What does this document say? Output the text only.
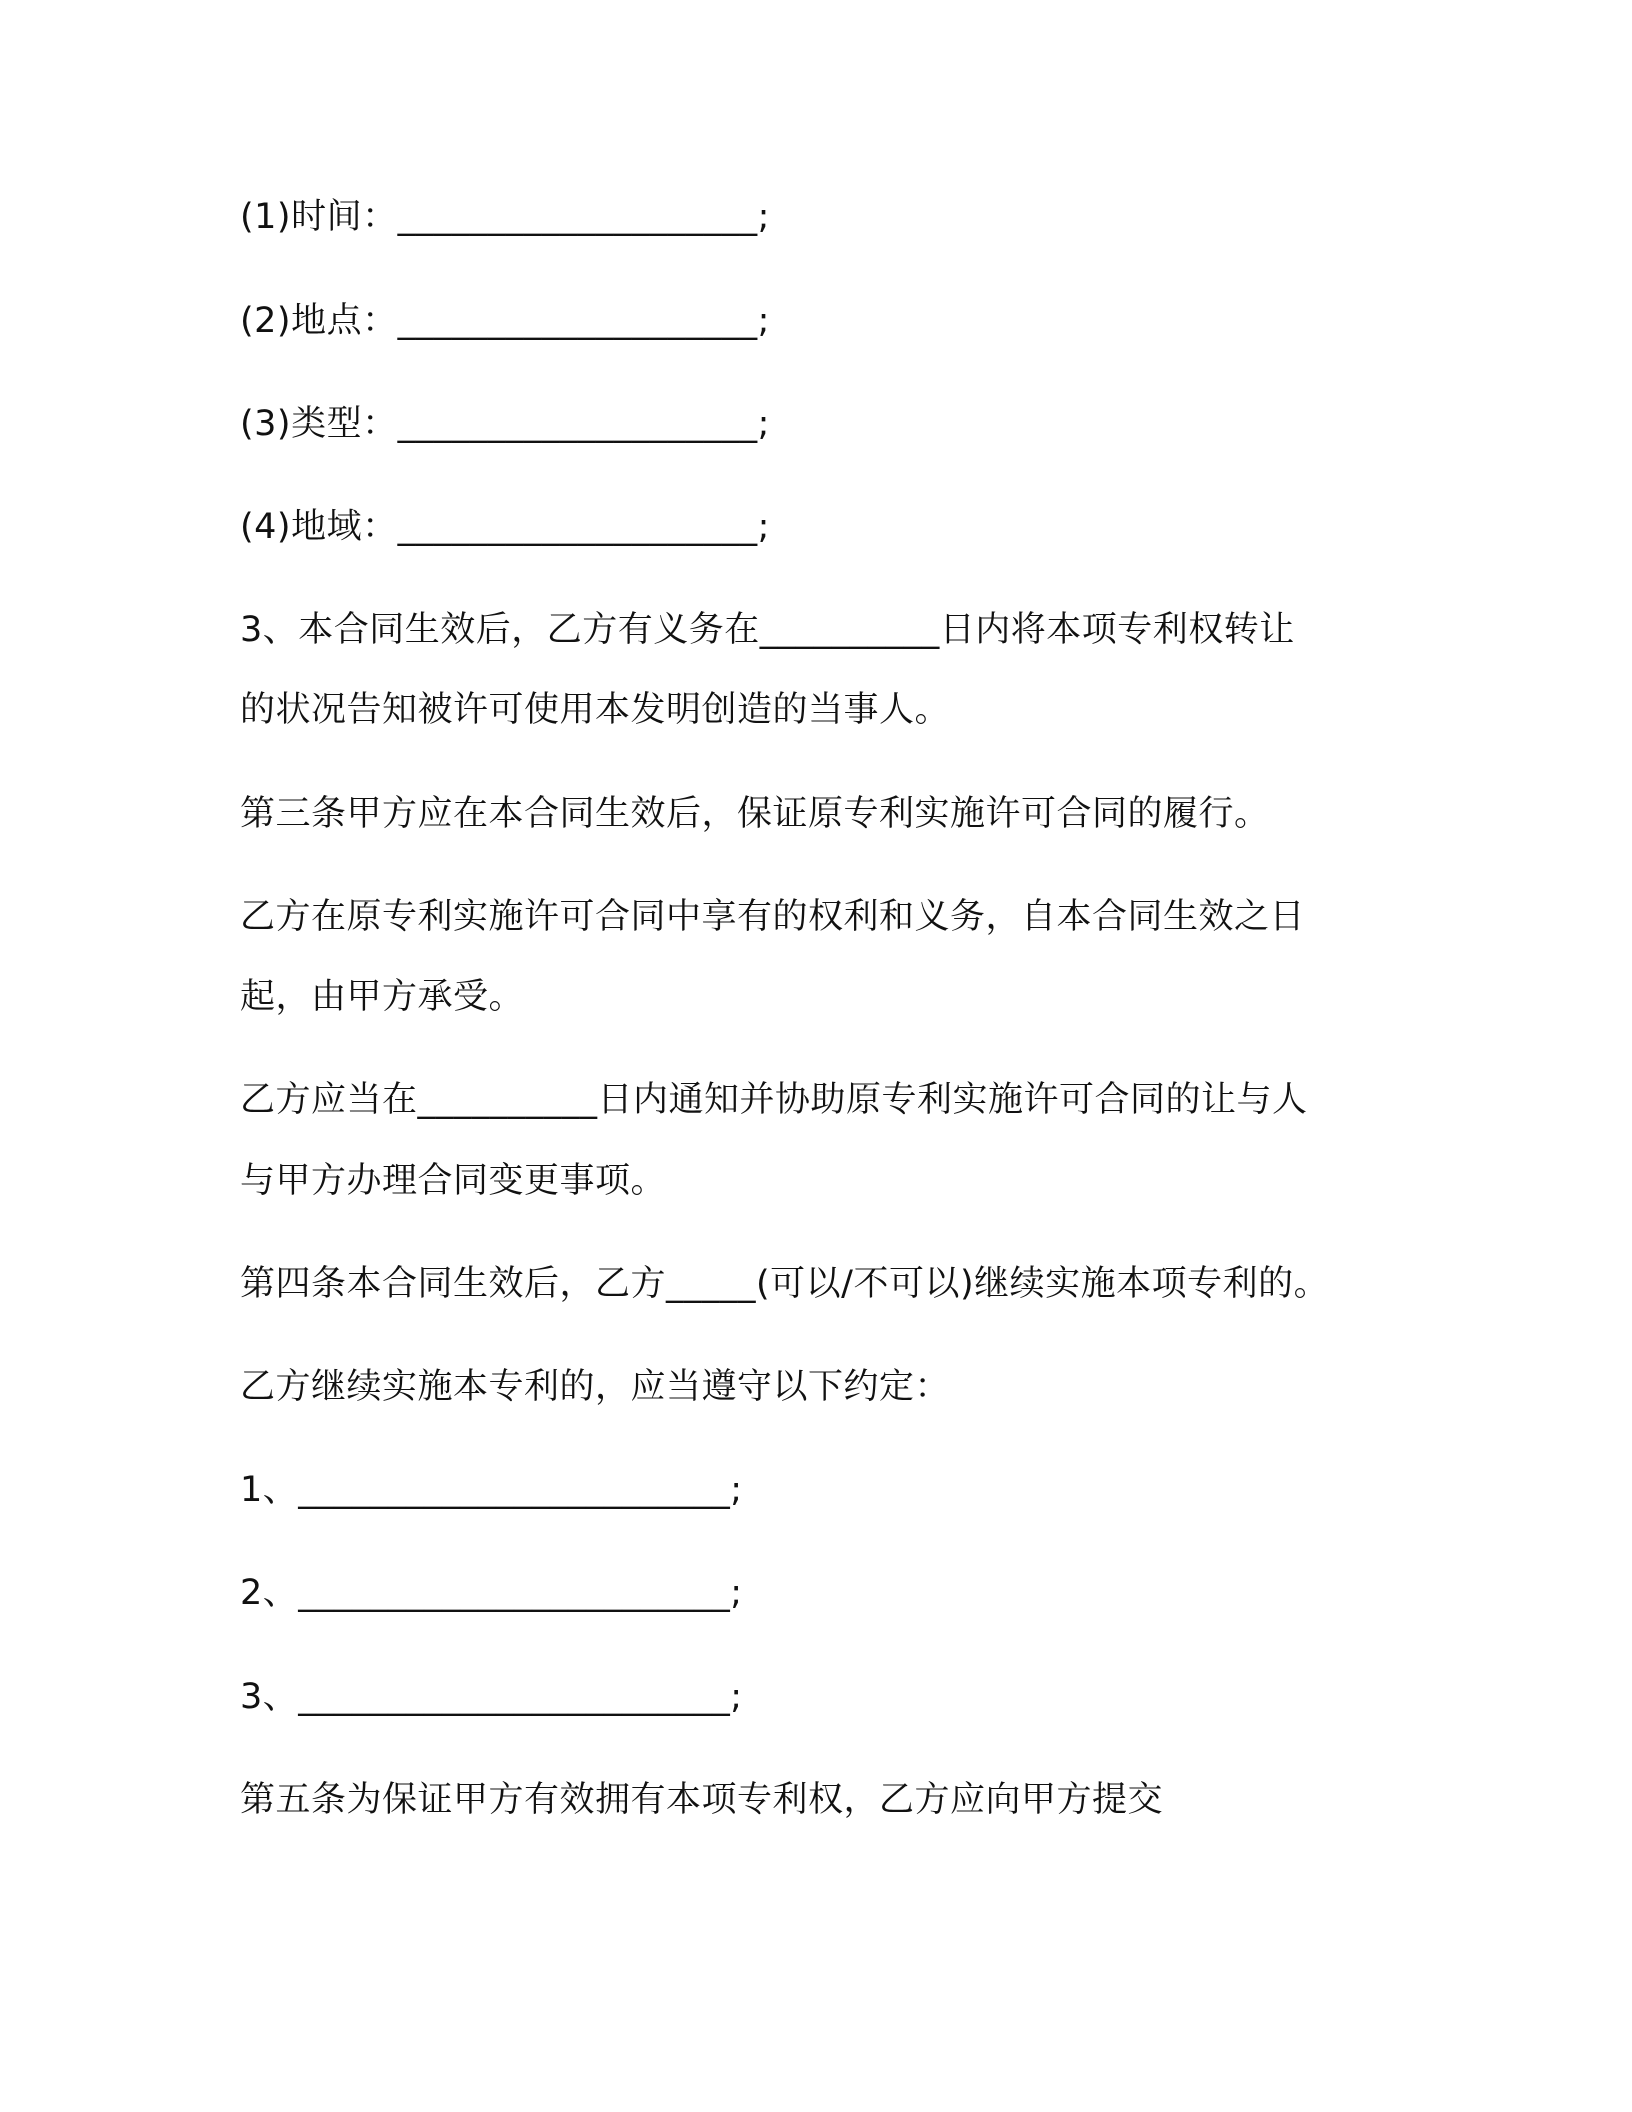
(1)时间：____________________;
(2)地点：____________________;
(3)类型：____________________;
(4)地域：____________________;
3、本合同生效后，乙方有义务在__________日内将本项专利权转让
的状况告知被许可使用本发明创造的当事人。
第三条甲方应在本合同生效后，保证原专利实施许可合同的履行。
乙方在原专利实施许可合同中享有的权利和义务，自本合同生效之日
起，由甲方承受。
乙方应当在__________日内通知并协助原专利实施许可合同的让与人
与甲方办理合同变更事项。
第四条本合同生效后，乙方_____(可以/不可以)继续实施本项专利的。
乙方继续实施本专利的，应当遵守以下约定：
1、________________________;
2、________________________;
3、________________________;
第五条为保证甲方有效拥有本项专利权，乙方应向甲方提交
